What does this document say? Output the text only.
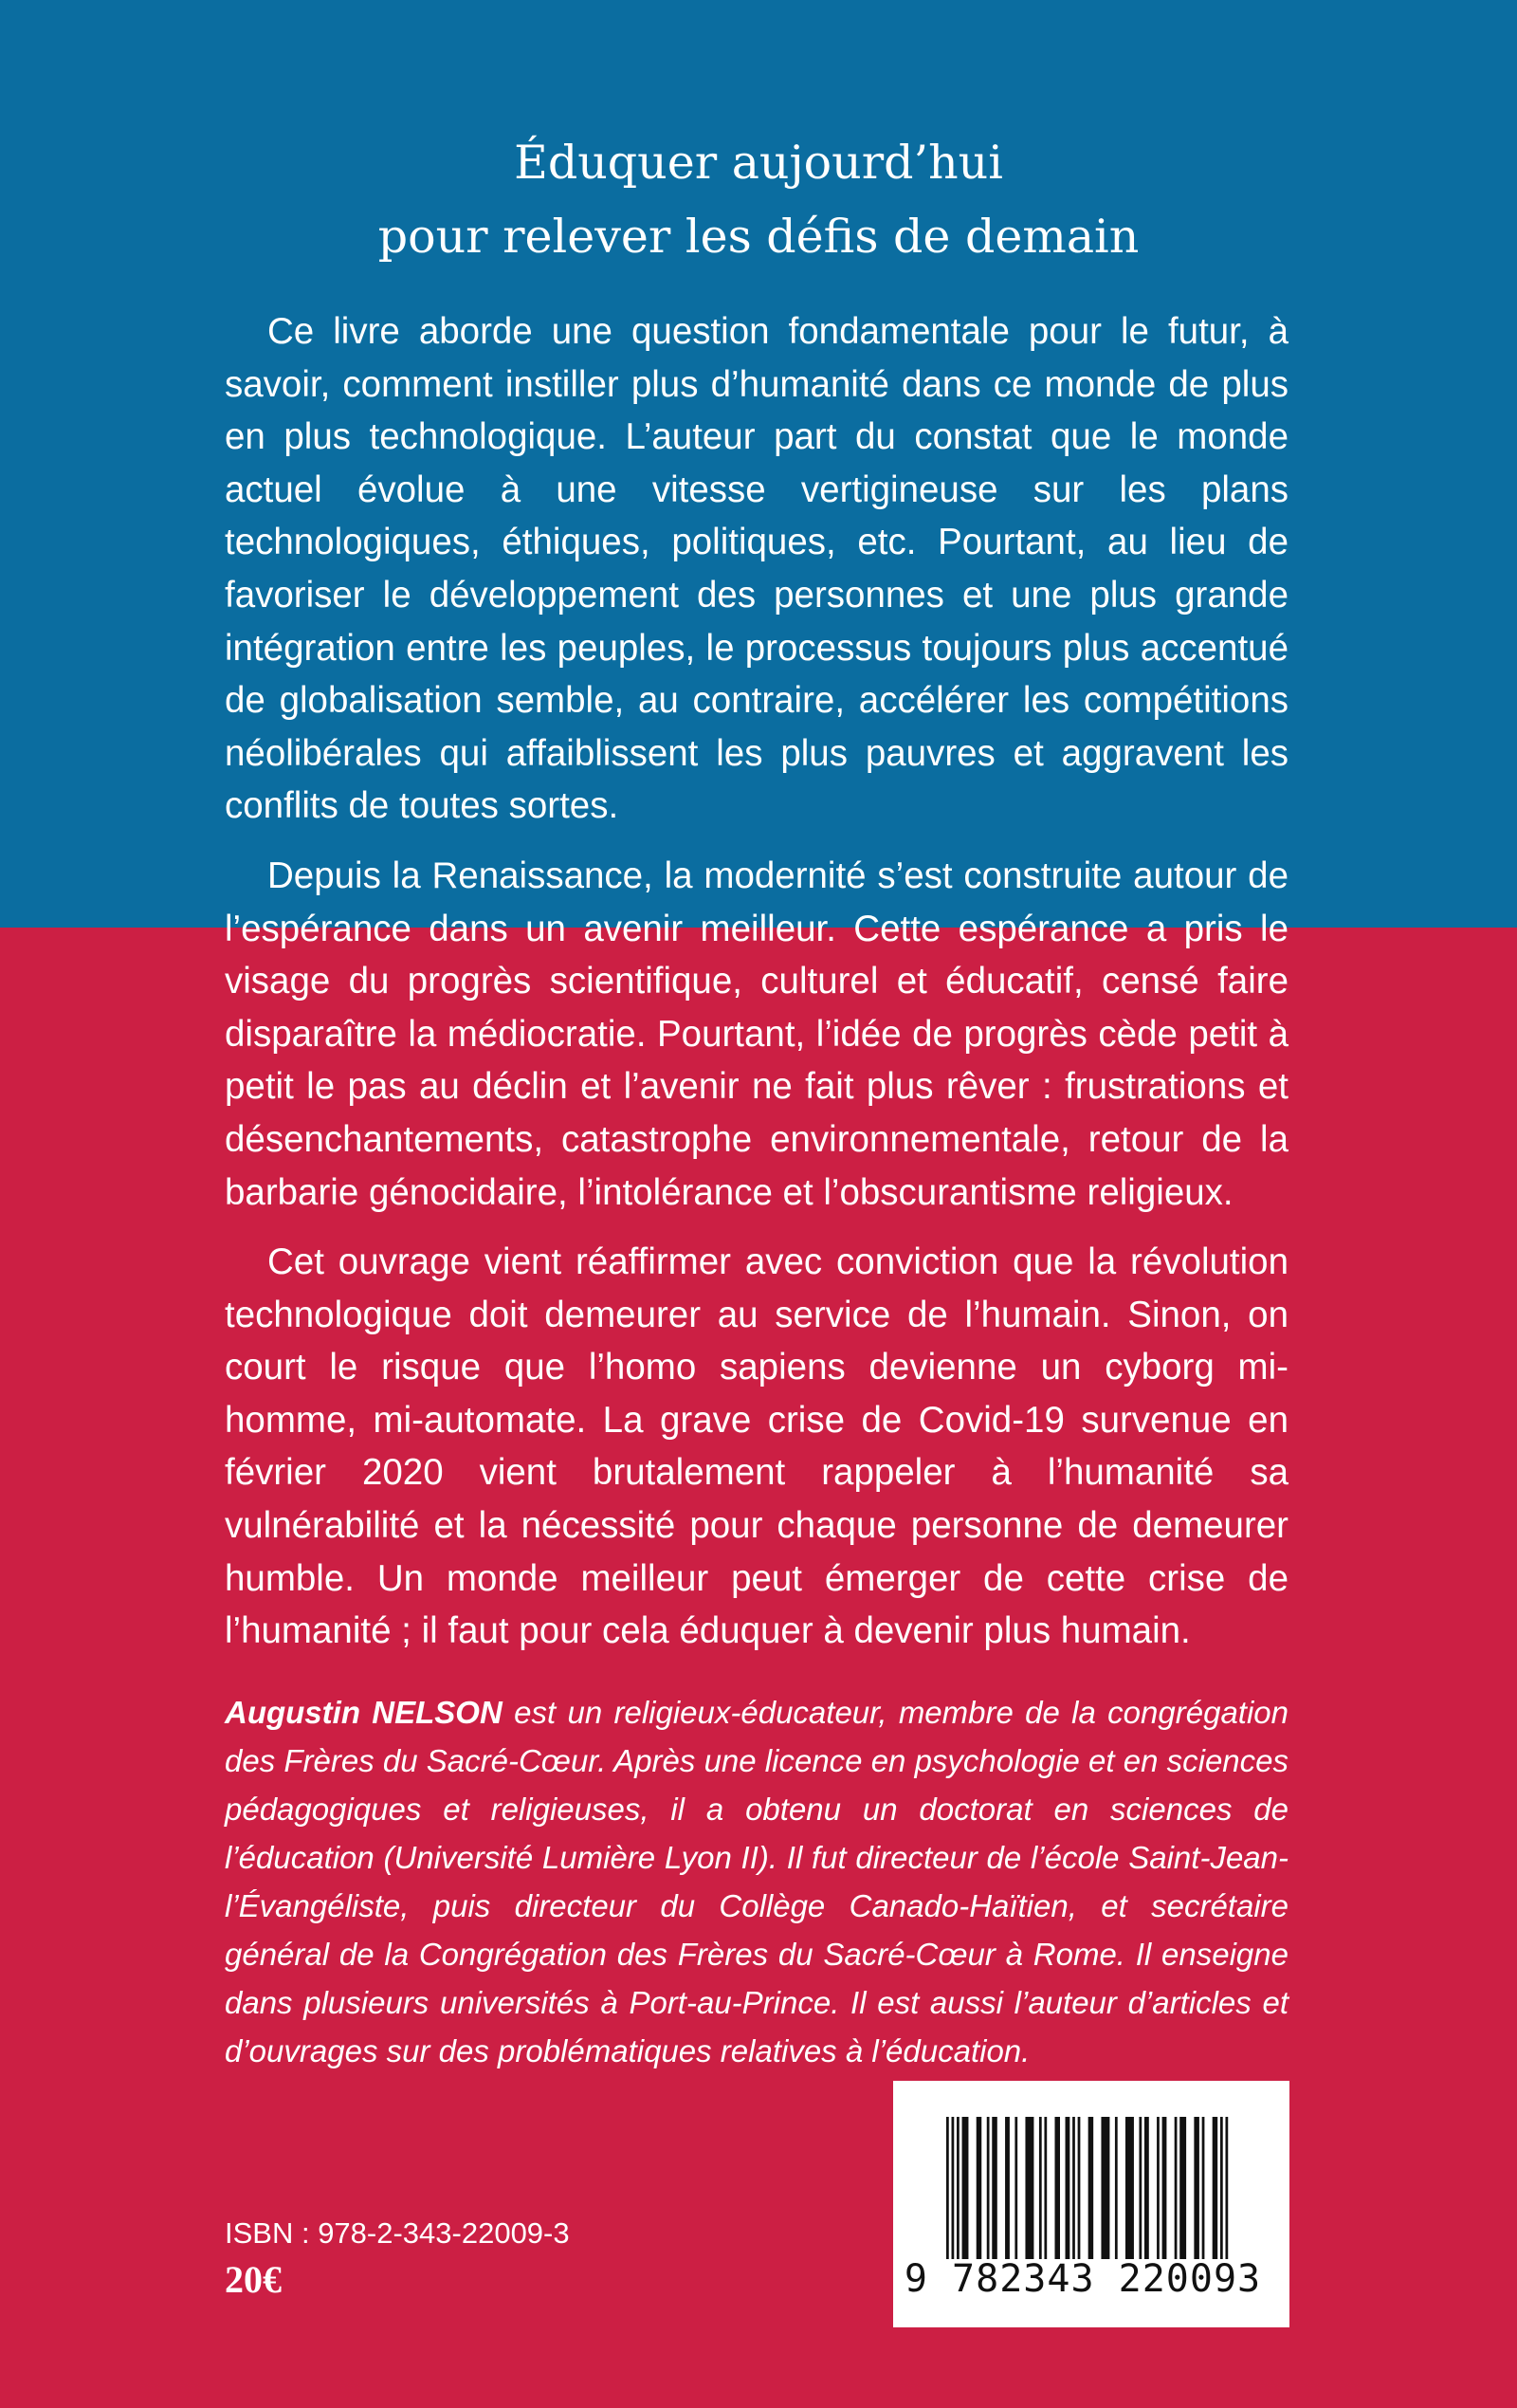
Éduquer aujourd’hui
pour relever les défis de demain

Ce livre aborde une question fondamentale pour le futur, à savoir, comment instiller plus d’humanité dans ce monde de plus en plus technologique. L’auteur part du constat que le monde actuel évolue à une vitesse vertigineuse sur les plans technologiques, éthiques, politiques, etc. Pourtant, au lieu de favoriser le développement des personnes et une plus grande intégration entre les peuples, le processus toujours plus accentué de globalisation semble, au contraire, accélérer les compétitions néolibérales qui affaiblissent les plus pauvres et aggravent les conflits de toutes sortes.

Depuis la Renaissance, la modernité s’est construite autour de l’espérance dans un avenir meilleur. Cette espérance a pris le visage du progrès scientifique, culturel et éducatif, censé faire disparaître la médiocratie. Pourtant, l’idée de progrès cède petit à petit le pas au déclin et l’avenir ne fait plus rêver : frustrations et désenchantements, catastrophe environnementale, retour de la barbarie génocidaire, l’intolérance et l’obscurantisme religieux.

Cet ouvrage vient réaffirmer avec conviction que la révolution technologique doit demeurer au service de l’humain. Sinon, on court le risque que l’homo sapiens devienne un cyborg mi-homme, mi-automate. La grave crise de Covid-19 survenue en février 2020 vient brutalement rappeler à l’humanité sa vulnérabilité et la nécessité pour chaque personne de demeurer humble. Un monde meilleur peut émerger de cette crise de l’humanité ; il faut pour cela éduquer à devenir plus humain.

Augustin NELSON est un religieux-éducateur, membre de la congrégation des Frères du Sacré-Cœur. Après une licence en psychologie et en sciences pédagogiques et religieuses, il a obtenu un doctorat en sciences de l’éducation (Université Lumière Lyon II). Il fut directeur de l’école Saint-Jean-l’Évangéliste, puis directeur du Collège Canado-Haïtien, et secrétaire général de la Congrégation des Frères du Sacré-Cœur à Rome. Il enseigne dans plusieurs universités à Port-au-Prince. Il est aussi l’auteur d’articles et d’ouvrages sur des problématiques relatives à l’éducation.
ISBN : 978-2-343-22009-3
20€	9 782343 220093
